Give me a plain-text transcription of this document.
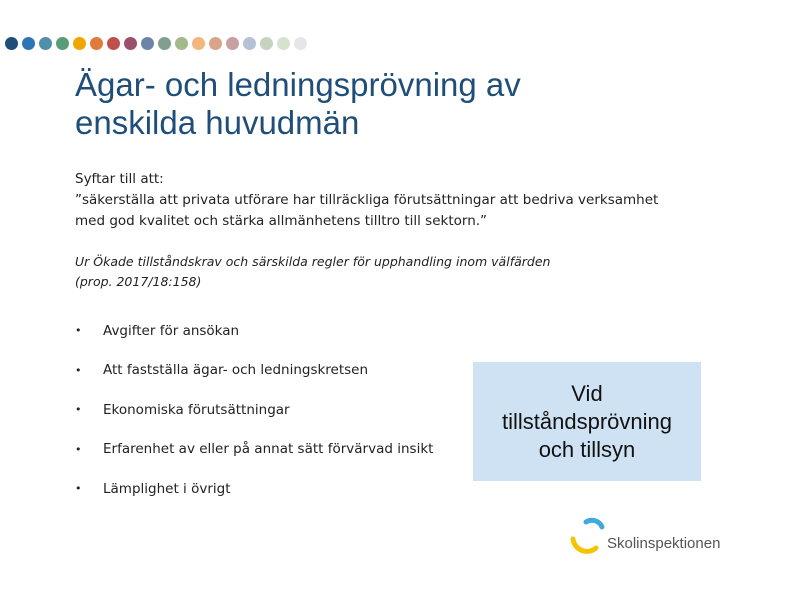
Ägar- och ledningsprövning av
enskilda huvudmän
Syftar till att:
”säkerställa att privata utförare har tillräckliga förutsättningar att bedriva verksamhet
med god kvalitet och stärka allmänhetens tilltro till sektorn.”
Ur Ökade tillståndskrav och särskilda regler för upphandling inom välfärden
(prop. 2017/18:158)
•	Avgifter för ansökan
•	Att fastställa ägar- och ledningskretsen
•	Ekonomiska förutsättningar
•	Erfarenhet av eller på annat sätt förvärvad insikt
•	Lämplighet i övrigt
Vid
tillståndsprövning
och tillsyn
Skolinspektionen
